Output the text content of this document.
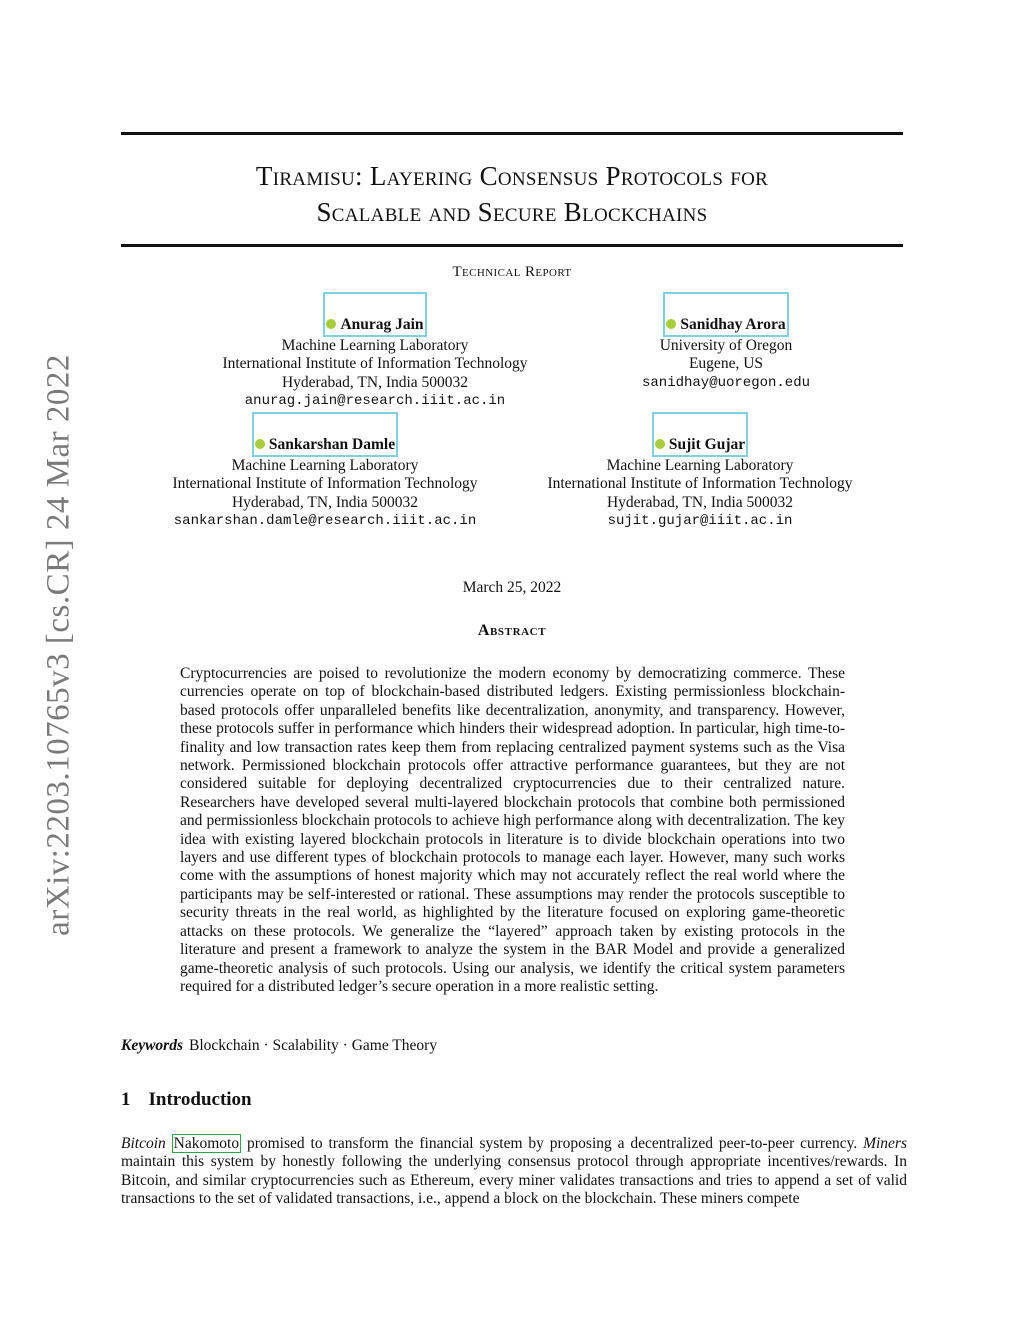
arXiv:2203.10765v3 [cs.CR] 24 Mar 2022
Tiramisu: Layering Consensus Protocols for
Scalable and Secure Blockchains
Technical Report
Anurag Jain
Machine Learning Laboratory
International Institute of Information Technology
Hyderabad, TN, India 500032
anurag.jain@research.iiit.ac.in
Sanidhay Arora
University of Oregon
Eugene, US
sanidhay@uoregon.edu
Sankarshan Damle
Machine Learning Laboratory
International Institute of Information Technology
Hyderabad, TN, India 500032
sankarshan.damle@research.iiit.ac.in
Sujit Gujar
Machine Learning Laboratory
International Institute of Information Technology
Hyderabad, TN, India 500032
sujit.gujar@iiit.ac.in
March 25, 2022
Abstract
Cryptocurrencies are poised to revolutionize the modern economy by democratizing commerce. These currencies operate on top of blockchain-based distributed ledgers. Existing permissionless blockchain-based protocols offer unparalleled benefits like decentralization, anonymity, and transparency. However, these protocols suffer in performance which hinders their widespread adoption. In particular, high time-to-finality and low transaction rates keep them from replacing centralized payment systems such as the Visa network. Permissioned blockchain protocols offer attractive performance guarantees, but they are not considered suitable for deploying decentralized cryptocurrencies due to their centralized nature. Researchers have developed several multi-layered blockchain protocols that combine both permissioned and permissionless blockchain protocols to achieve high performance along with decentralization. The key idea with existing layered blockchain protocols in literature is to divide blockchain operations into two layers and use different types of blockchain protocols to manage each layer. However, many such works come with the assumptions of honest majority which may not accurately reflect the real world where the participants may be self-interested or rational. These assumptions may render the protocols susceptible to security threats in the real world, as highlighted by the literature focused on exploring game-theoretic attacks on these protocols. We generalize the “layered” approach taken by existing protocols in the literature and present a framework to analyze the system in the BAR Model and provide a generalized game-theoretic analysis of such protocols. Using our analysis, we identify the critical system parameters required for a distributed ledger’s secure operation in a more realistic setting.
Keywords Blockchain · Scalability · Game Theory
1 Introduction
Bitcoin Nakomoto promised to transform the financial system by proposing a decentralized peer-to-peer currency. Miners maintain this system by honestly following the underlying consensus protocol through appropriate incentives/rewards. In Bitcoin, and similar cryptocurrencies such as Ethereum, every miner validates transactions and tries to append a set of valid transactions to the set of validated transactions, i.e., append a block on the blockchain. These miners compete
